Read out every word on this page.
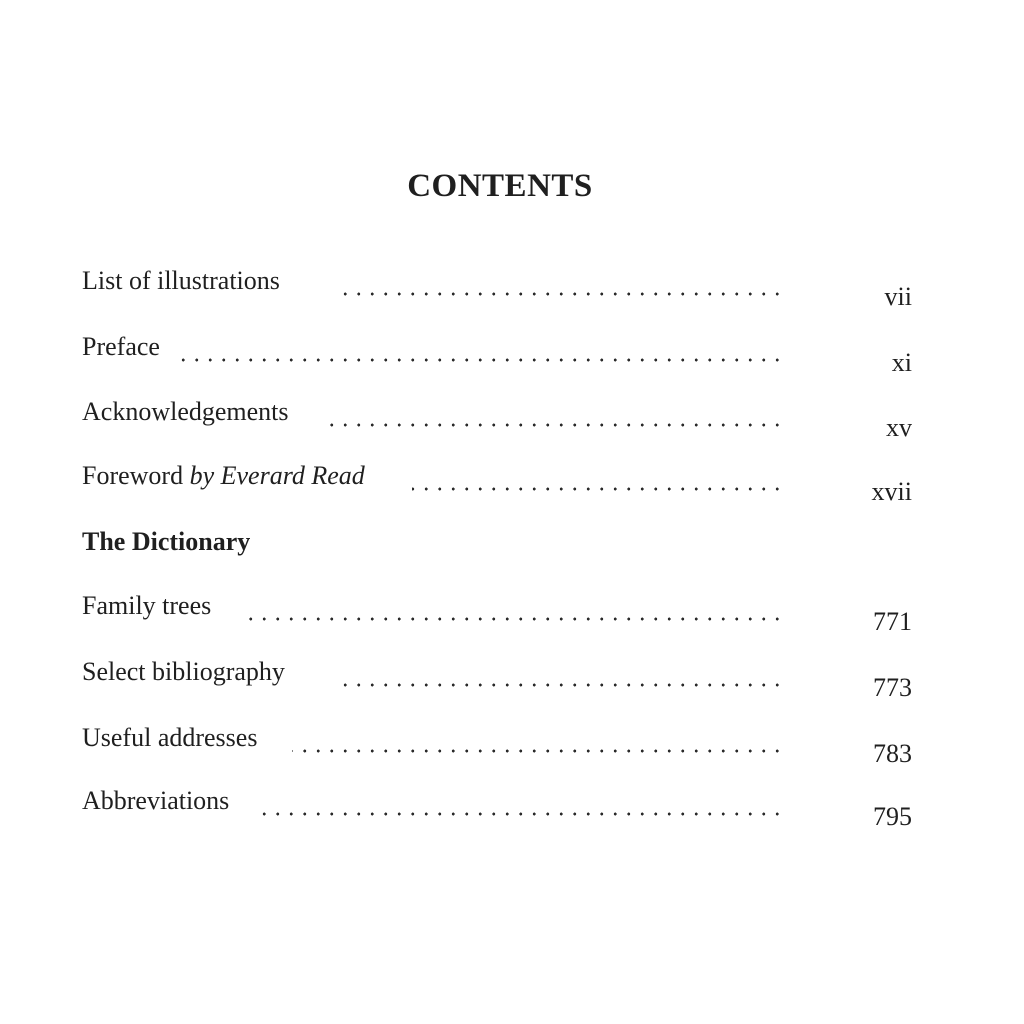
CONTENTS
List of illustrations
vii
Preface
xi
Acknowledgements
xv
Foreword by Everard Read
xvii
The Dictionary
Family trees
771
Select bibliography
773
Useful addresses
783
Abbreviations
795
